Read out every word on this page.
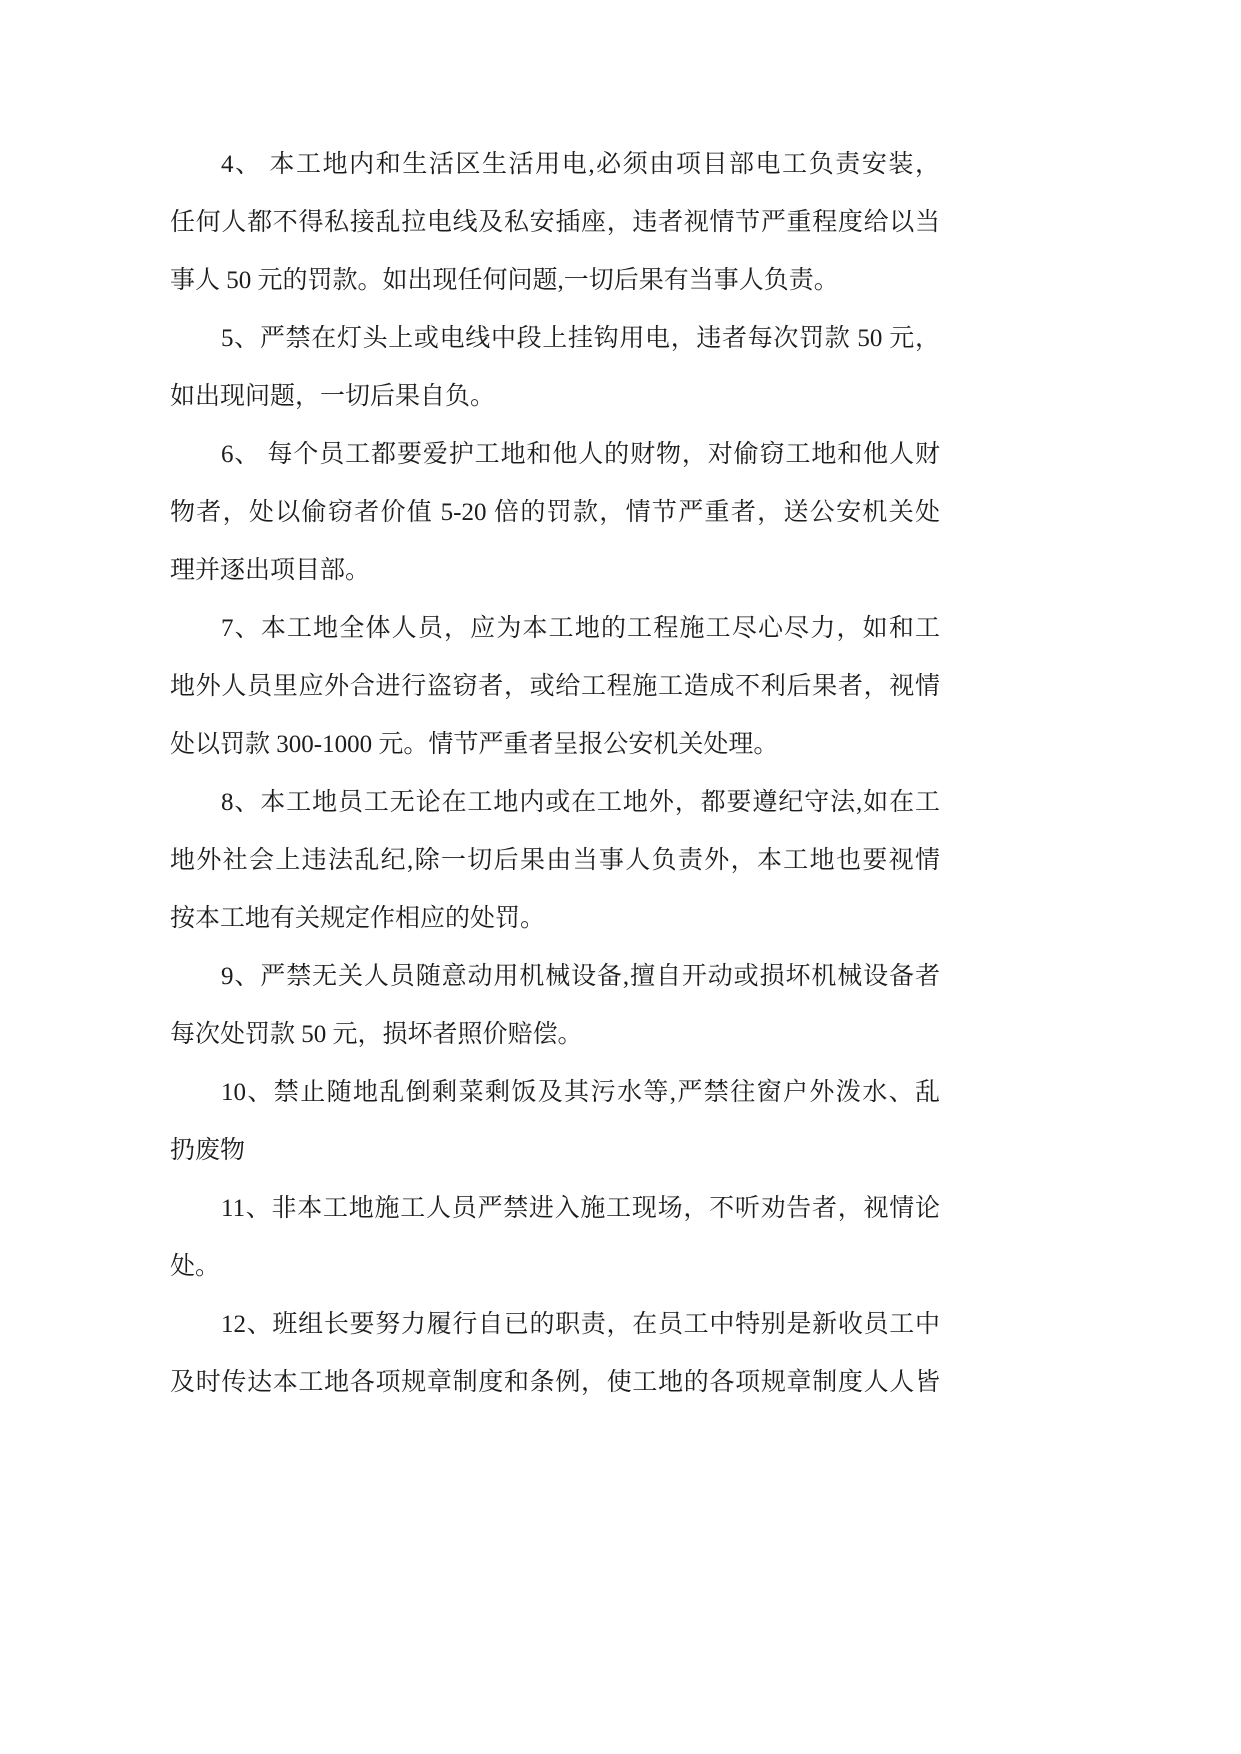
4、 本工地内和生活区生活用电,必须由项目部电工负责安装，
任何人都不得私接乱拉电线及私安插座，违者视情节严重程度给以当
事人 50 元的罚款。如出现任何问题,一切后果有当事人负责。
5、严禁在灯头上或电线中段上挂钩用电，违者每次罚款 50 元，
如出现问题，一切后果自负。
6、 每个员工都要爱护工地和他人的财物，对偷窃工地和他人财
物者，处以偷窃者价值 5-20 倍的罚款，情节严重者，送公安机关处
理并逐出项目部。
7、本工地全体人员，应为本工地的工程施工尽心尽力，如和工
地外人员里应外合进行盗窃者，或给工程施工造成不利后果者，视情
处以罚款 300-1000 元。情节严重者呈报公安机关处理。
8、本工地员工无论在工地内或在工地外，都要遵纪守法,如在工
地外社会上违法乱纪,除一切后果由当事人负责外，本工地也要视情
按本工地有关规定作相应的处罚。
9、严禁无关人员随意动用机械设备,擅自开动或损坏机械设备者
每次处罚款 50 元，损坏者照价赔偿。
10、禁止随地乱倒剩菜剩饭及其污水等,严禁往窗户外泼水、乱
扔废物
11、非本工地施工人员严禁进入施工现场，不听劝告者，视情论
处。
12、班组长要努力履行自已的职责，在员工中特别是新收员工中
及时传达本工地各项规章制度和条例，使工地的各项规章制度人人皆
